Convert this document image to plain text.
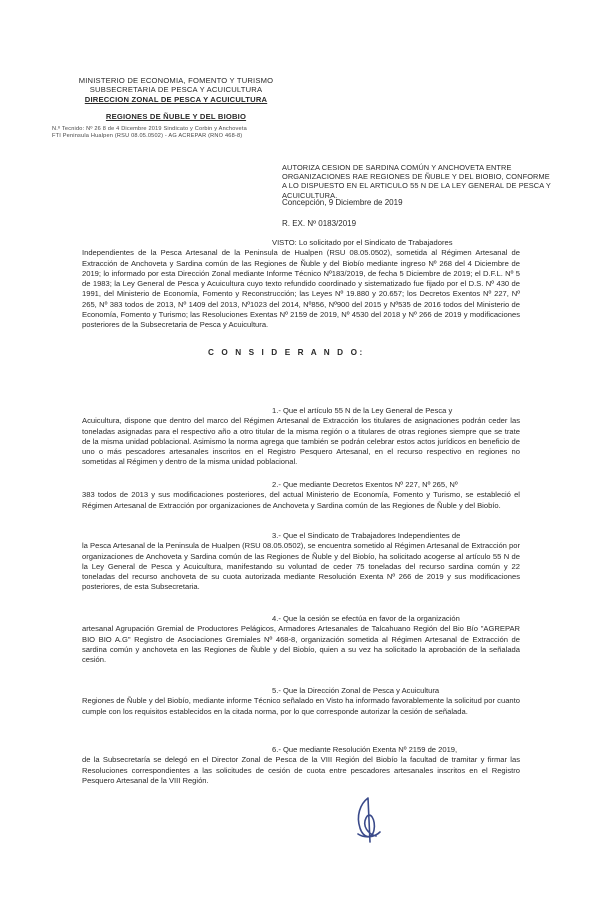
MINISTERIO DE ECONOMIA, FOMENTO Y TURISMO
SUBSECRETARIA DE PESCA Y ACUICULTURA
DIRECCION ZONAL DE PESCA Y ACUICULTURA
REGIONES DE ÑUBLE Y DEL BIOBIO
N.º Tecnido: Nº 26 8 de 4 Dicembre 2019 Sindicato y Corbin y Anchoveta
FTI Peninsula Hualpen (RSU 08.05.0502) - AG ACREPAR (RNO 468-8)
AUTORIZA CESION DE SARDINA COMÚN Y ANCHOVETA ENTRE ORGANIZACIONES RAE REGIONES DE ÑUBLE Y DEL BIOBIO, CONFORME A LO DISPUESTO EN EL ARTICULO 55 N DE LA LEY GENERAL DE PESCA Y ACUICULTURA.
Concepción, 9 Diciembre de 2019
R. EX. Nº 0183/2019
VISTO: Lo solicitado por el Sindicato de Trabajadores
Independientes de la Pesca Artesanal de la Peninsula de Hualpen (RSU 08.05.0502), sometida al Régimen Artesanal de Extracción de Anchoveta y Sardina común de las Regiones de Ñuble y del Biobío mediante ingreso Nº 268 del 4 Diciembre de 2019; lo informado por esta Dirección Zonal mediante Informe Técnico Nº183/2019, de fecha 5 Diciembre de 2019; el D.F.L. Nº 5 de 1983; la Ley General de Pesca y Acuicultura cuyo texto refundido coordinado y sistematizado fue fijado por el D.S. Nº 430 de 1991, del Ministerio de Economía, Fomento y Reconstrucción; las Leyes Nº 19.880 y 20.657; los Decretos Exentos Nº 227, Nº 265, Nº 383 todos de 2013, Nº 1409 del 2013, Nº1023 del 2014, Nº856, Nº900 del 2015 y Nº535 de 2016 todos del Ministerio de Economía, Fomento y Turismo; las Resoluciones Exentas Nº 2159 de 2019, Nº 4530 del 2018 y Nº 266 de 2019 y modificaciones posteriores de la Subsecretaria de Pesca y Acuicultura.
C O N S I D E R A N D O:
1.- Que el artículo 55 N de la Ley General de Pesca y
Acuicultura, dispone que dentro del marco del Régimen Artesanal de Extracción los titulares de asignaciones podrán ceder las toneladas asignadas para el respectivo año a otro titular de la misma región o a titulares de otras regiones siempre que se trate de la misma unidad poblacional. Asimismo la norma agrega que también se podrán celebrar estos actos jurídicos en beneficio de uno o más pescadores artesanales inscritos en el Registro Pesquero Artesanal, en el recurso respectivo en regiones no sometidas al Régimen y dentro de la misma unidad poblacional.
2.- Que mediante Decretos Exentos Nº 227, Nº 265, Nº
383 todos de 2013 y sus modificaciones posteriores, del actual Ministerio de Economía, Fomento y Turismo, se estableció el Régimen Artesanal de Extracción por organizaciones de Anchoveta y Sardina común de las Regiones de Ñuble y del Biobío.
3.- Que el Sindicato de Trabajadores Independientes de
la Pesca Artesanal de la Peninsula de Hualpen (RSU 08.05.0502), se encuentra sometido al Régimen Artesanal de Extracción por organizaciones de Anchoveta y Sardina común de las Regiones de Ñuble y del Biobío, ha solicitado acogerse al artículo 55 N de la Ley General de Pesca y Acuicultura, manifestando su voluntad de ceder 75 toneladas del recurso sardina común y 22 toneladas del recurso anchoveta de su cuota autorizada mediante Resolución Exenta Nº 266 de 2019 y sus modificaciones posteriores, de esta Subsecretaria.
4.- Que la cesión se efectúa en favor de la organización
artesanal Agrupación Gremial de Productores Pelágicos, Armadores Artesanales de Talcahuano Región del Bio Bío "AGREPAR BIO BIO A.G" Registro de Asociaciones Gremiales Nº 468-8, organización sometida al Régimen Artesanal de Extracción de sardina común y anchoveta en las Regiones de Ñuble y del Biobío, quien a su vez ha solicitado la aprobación de la señalada cesión.
5.- Que la Dirección Zonal de Pesca y Acuicultura
Regiones de Ñuble y del Biobío, mediante informe Técnico señalado en Visto ha informado favorablemente la solicitud por cuanto cumple con los requisitos establecidos en la citada norma, por lo que corresponde autorizar la cesión de señalada.
6.- Que mediante Resolución Exenta Nº 2159 de 2019,
de la Subsecretaría se delegó en el Director Zonal de Pesca de la VIII Región del Biobío la facultad de tramitar y firmar las Resoluciones correspondientes a las solicitudes de cesión de cuota entre pescadores artesanales inscritos en el Registro Pesquero Artesanal de la VIII Región.
